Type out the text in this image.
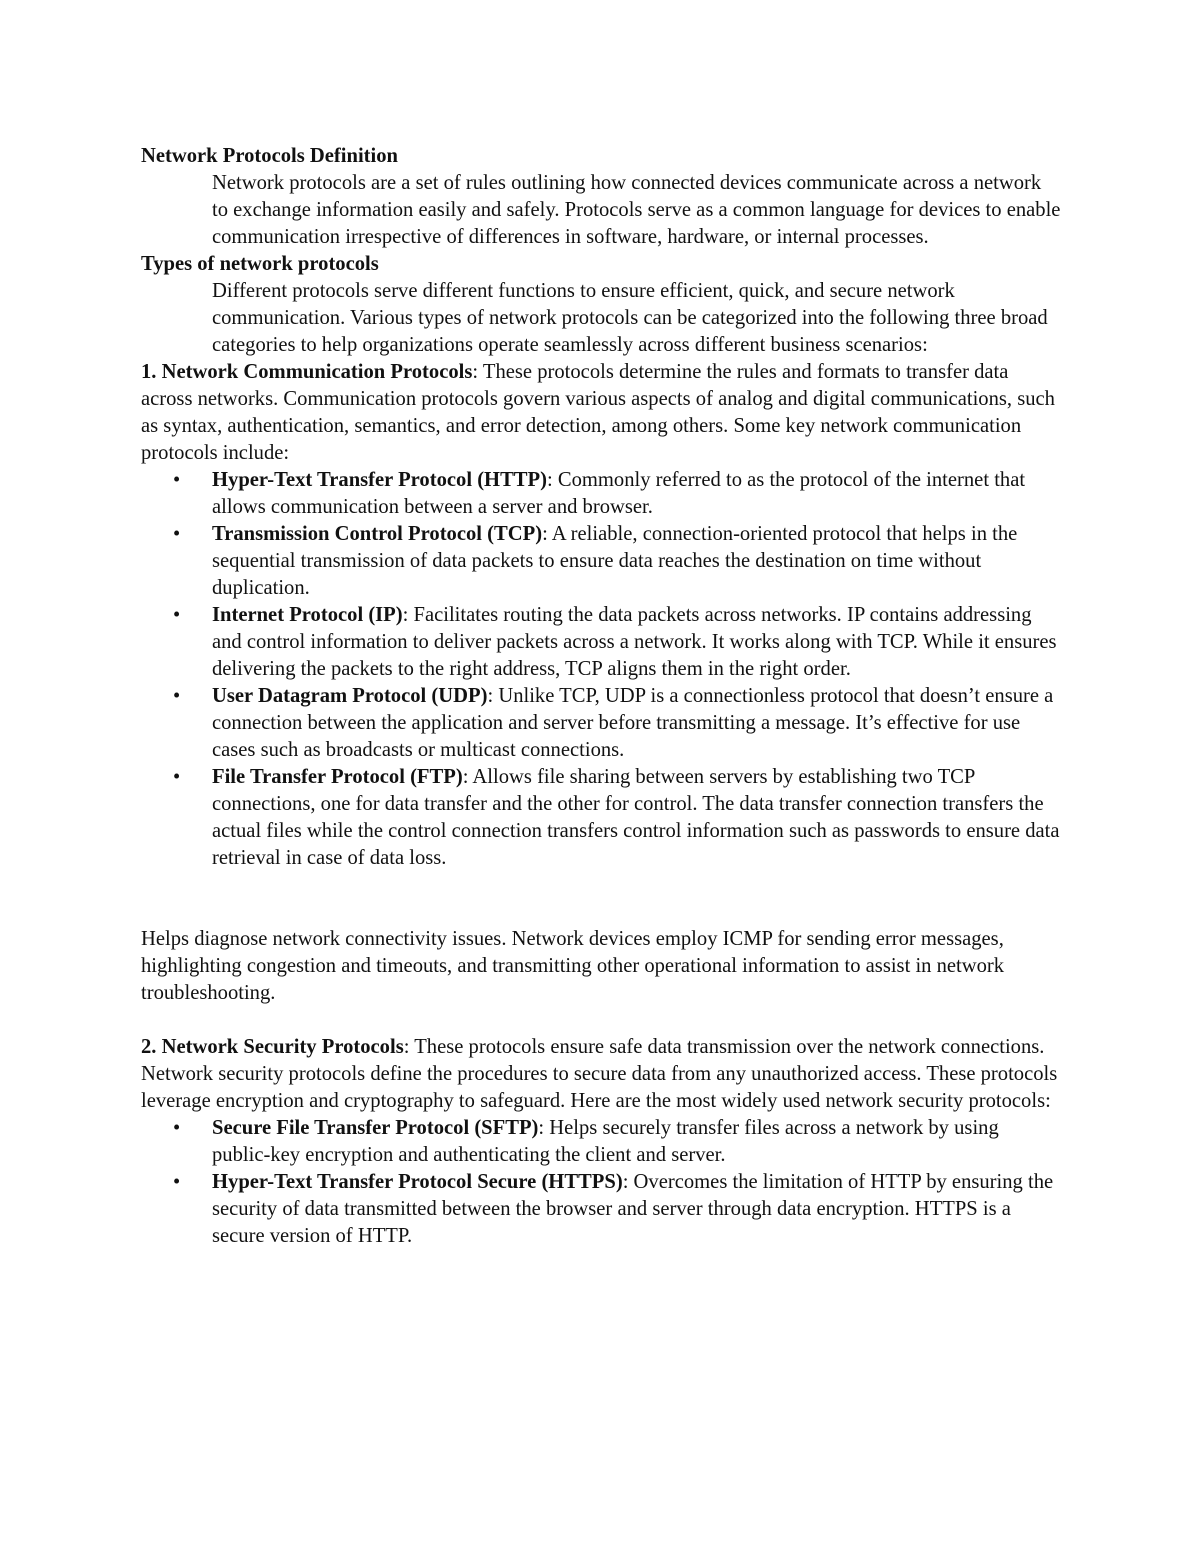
Network Protocols Definition

Network protocols are a set of rules outlining how connected devices communicate across a network to exchange information easily and safely. Protocols serve as a common language for devices to enable communication irrespective of differences in software, hardware, or internal processes.

Types of network protocols

Different protocols serve different functions to ensure efficient, quick, and secure network communication. Various types of network protocols can be categorized into the following three broad categories to help organizations operate seamlessly across different business scenarios:

1. Network Communication Protocols: These protocols determine the rules and formats to transfer data across networks. Communication protocols govern various aspects of analog and digital communications, such as syntax, authentication, semantics, and error detection, among others. Some key network communication protocols include:

• Hyper-Text Transfer Protocol (HTTP): Commonly referred to as the protocol of the internet that allows communication between a server and browser.
• Transmission Control Protocol (TCP): A reliable, connection-oriented protocol that helps in the sequential transmission of data packets to ensure data reaches the destination on time without duplication.
• Internet Protocol (IP): Facilitates routing the data packets across networks. IP contains addressing and control information to deliver packets across a network. It works along with TCP. While it ensures delivering the packets to the right address, TCP aligns them in the right order.
• User Datagram Protocol (UDP): Unlike TCP, UDP is a connectionless protocol that doesn’t ensure a connection between the application and server before transmitting a message. It’s effective for use cases such as broadcasts or multicast connections.
• File Transfer Protocol (FTP): Allows file sharing between servers by establishing two TCP connections, one for data transfer and the other for control. The data transfer connection transfers the actual files while the control connection transfers control information such as passwords to ensure data retrieval in case of data loss.

Helps diagnose network connectivity issues. Network devices employ ICMP for sending error messages, highlighting congestion and timeouts, and transmitting other operational information to assist in network troubleshooting.

2. Network Security Protocols: These protocols ensure safe data transmission over the network connections. Network security protocols define the procedures to secure data from any unauthorized access. These protocols leverage encryption and cryptography to safeguard. Here are the most widely used network security protocols:

• Secure File Transfer Protocol (SFTP): Helps securely transfer files across a network by using public-key encryption and authenticating the client and server.
• Hyper-Text Transfer Protocol Secure (HTTPS): Overcomes the limitation of HTTP by ensuring the security of data transmitted between the browser and server through data encryption. HTTPS is a secure version of HTTP.
